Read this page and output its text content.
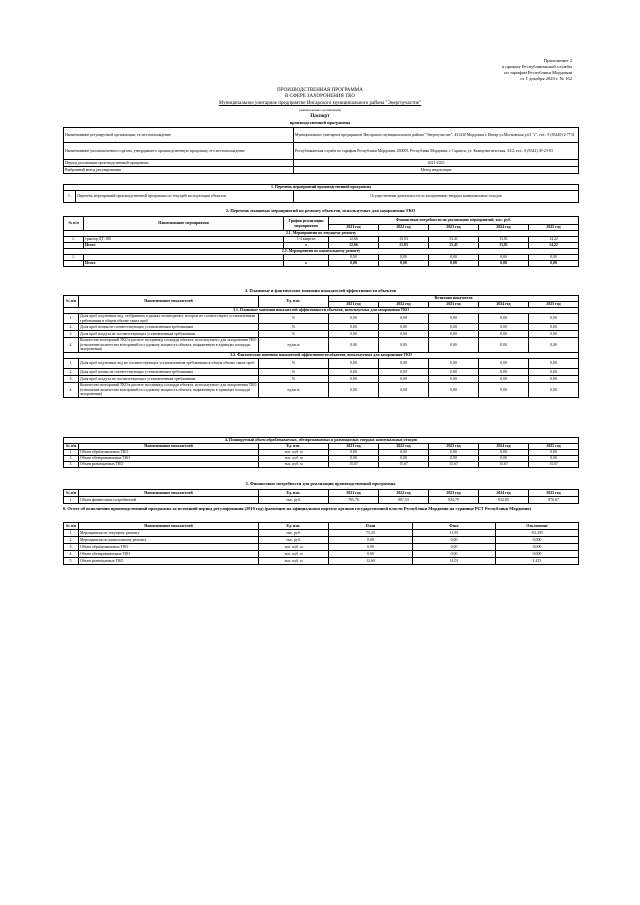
Приложение 2
к приказу Республиканской службы
по тарифам Республики Мордовия
от 1 декабря 2020 г. № 162
ПРОИЗВОДСТВЕННАЯ ПРОГРАММА
В СФЕРЕ ЗАХОРОНЕНИЯ ТКО
Муниципальное унитарное предприятие Инсарского муниципального района "Энергоучастие"
(наименование организации)
Паспорт
производственной программы
Наименование регулируемой организации, ее местонахождение	Муниципальное унитарное предприятие Инсарского муниципального района "Энергоучастие", 431430 Мордовия г. Инсар ул.Московская д.61 "г", тел.: 8 (83449) 2-7731
Наименование уполномоченного органа, утвердившего производственную программу, его местонахождение	Республиканская служба по тарифам Республики Мордовия, 430005, Республика Мордовия, г. Саранск, ул. Коммунистическая, 33/2, тел.: 8 (8342) 39-23-83
Период реализации производственной программы	2021-2025
Выбранный метод регулирования	Метод индексации
1. Перечень мероприятий производственной программы
1.	Перечень мероприятий производственной программы по текущей эксплуатации объектов	Осуществление деятельности по захоронению твердых коммунальных отходов
2. Перечень плановых мероприятий по ремонту объектов, используемых для захоронения ТКО
№ п/п	Наименование мероприятия	График реализации мероприятия	Финансовые потребности на реализацию мероприятий, тыс. руб.				
			2021 год	2022 год	2023 год	2024 год	2025 год
2.1. Мероприятия по текущему ремонту							
1.	трактор ДТ-100	1-4 квартал	12,66	13,03	13,41	13,81	14,22
	Итого	х	12,66	13,03	13,41	13,81	14,22
2.2. Мероприятия по капитальному ремонту							
1.			0,00	0,00	0,00	0,00	0,00
	Итого	х	0,00	0,00	0,00	0,00	0,00
3. Плановые и фактические значения показателей эффективности объектов
№ п/п	Наименование показателей	Ед. изм.	Величина показателя				
			2021 год	2022 год	2023 год	2024 год	2025 год
3.1. Плановые значения показателей эффективности объектов, используемых для захоронения ТКО							
1.	Доля проб подземных вод, отобранных в рамках мониторинга, которые не соответствуют установленным требованиям в общем объеме таких проб	%	0,00	0,00	0,00	0,00	0,00
2.	Доля проб почвы не соответствующих установленным требованиям	%	0,00	0,00	0,00	0,00	0,00
3.	Доля проб воздуха не соответствующих установленным требованиям	%	0,00	0,00	0,00	0,00	0,00
4.	Количество возгораний ТКО в расчете на единицу площади объекта, используемого для захоронения ТКО (отношение количества возгораний по годовому мощность объекта, выраженную в единицах площади захоронения)	ед/кв.м	0,00	0,00	0,00	0,00	0,00
3.2. Фактические значения показателей эффективности объектов, используемых для захоронения ТКО							
1.	Доля проб подземных вод не соответствующих установленным требованиям в общем объеме таких проб	%	0,00	0,00	0,00	0,00	0,00
2.	Доля проб почвы не соответствующих установленным требованиям	%	0,00	0,00	0,00	0,00	0,00
3.	Доля проб воздуха не соответствующих установленным требованиям	%	0,00	0,00	0,00	0,00	0,00
4.	Количество возгораний ТКО в расчете на единицу площади объекта, используемого для захоронения ТКО (отношение количества возгораний по годовому мощность объекта, выраженную в единицах площади захоронения)	ед/кв.м	0,00	0,00	0,00	0,00	0,00
4. Планируемый объем обрабатываемых, обезвреживаемых и размещаемых твердых коммунальных отходов							
№ п/п	Наименование показателей	Ед. изм.	2021 год	2022 год	2023 год	2024 год	2025 год
1.	Объем обрабатываемых ТКО	тыс. куб. м	0,00	0,00	0,00	0,00	0,00
2.	Объем обезвреживаемых ТКО	тыс. куб. м	0,00	0,00	0,00	0,00	0,00
3.	Объем размещаемых ТКО	тыс. куб. м	15,67	15,67	15,67	15,67	15,67
5. Финансовые потребности для реализации производственной программы
№ п/п	Наименование показателей	Ед. изм.	2021 год	2022 год	2023 год	2024 год	2025 год
1.	Объем финансовых потребностей	тыс. руб.	765,76	807,53	924,79	952,85	976,67
6. Отчет об исполнении производственной программы за истекший период регулирования (2019 год) (размещен на официальном портале органов государственной власти Республики Мордовия на странице РСТ Республики Мордовия)
№ п/п	Наименование показателей	Ед. изм.	План	Факт	Отклонение
1.	Мероприятия по текущему ремонту	тыс. руб.	75,35	11,95	-63,395
2.	Мероприятия по капитальному ремонту	тыс. руб.	0,00	0,00	0,000
3.	Объем обрабатываемых ТКО	тыс. куб. м	0,00	0,00	0,000
4.	Объем обезвреживаемых ТКО	тыс. куб. м	0,00	0,00	0,000
5.	Объем размещаемых ТКО	тыс. куб. м	12,60	14,01	1,413
